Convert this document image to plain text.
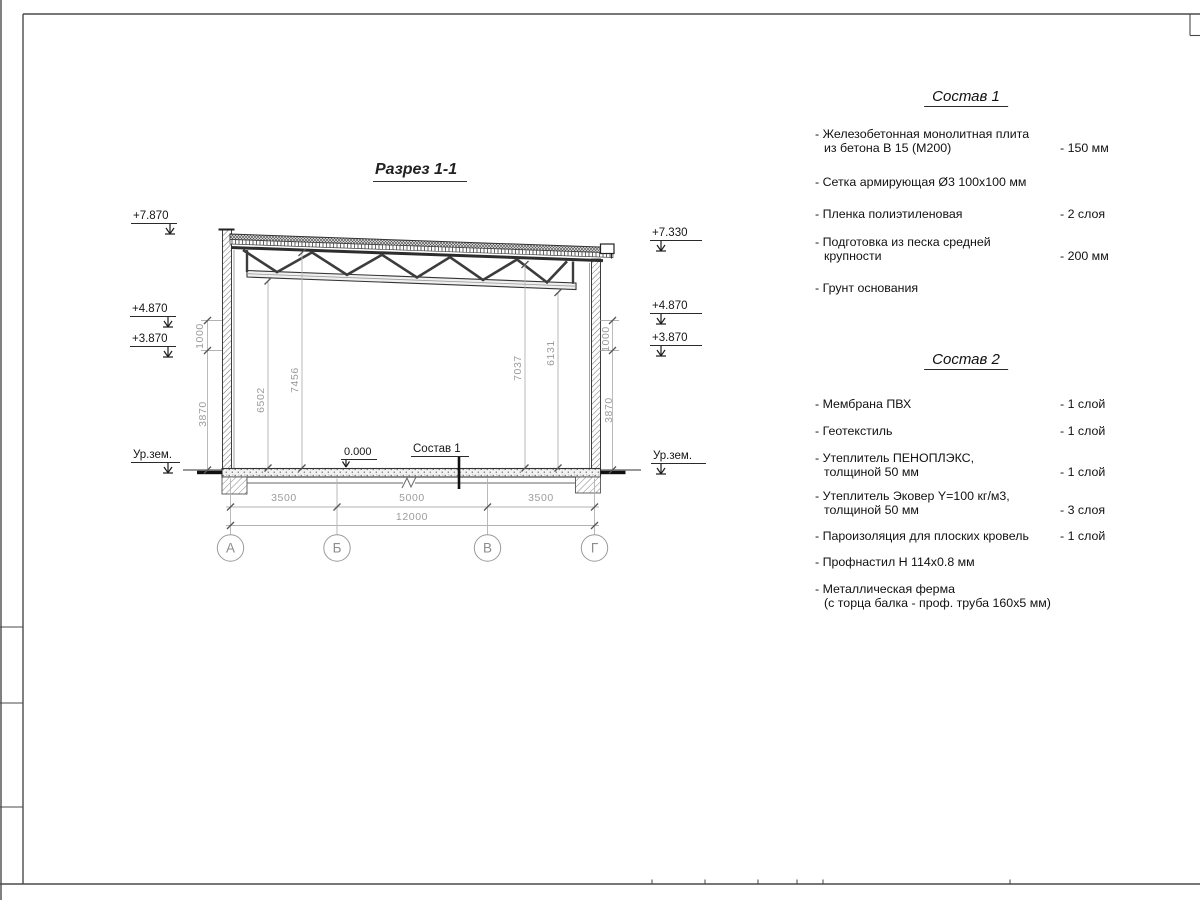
Разрез 1-1
+7.870
+4.870
+3.870
Ур.зем.
+7.330
+4.870
+3.870
Ур.зем.
0.000	Состав 1
6502
7456	7037
6131
1000
3870
1000
3870
3500	5000	3500
12000
А	Б	В	Г
Состав 1
- Железобетонная монолитная плита
из бетона В 15 (М200)	- 150 мм
- Сетка армирующая Ø3 100x100 мм
- Пленка полиэтиленовая	- 2 слоя
- Подготовка из песка средней
крупности	- 200 мм
- Грунт основания
Состав 2
- Мембрана ПВХ	- 1 слой
- Геотекстиль	- 1 слой
- Утеплитель ПЕНОПЛЭКС,
толщиной 50 мм	- 1 слой
- Утеплитель Эковер Y=100 кг/м3,
толщиной 50 мм	- 3 слоя
- Пароизоляция для плоских кровель	- 1 слой
- Профнастил Н 114x0.8 мм
- Металлическая ферма
(с торца балка - проф. труба 160x5 мм)
